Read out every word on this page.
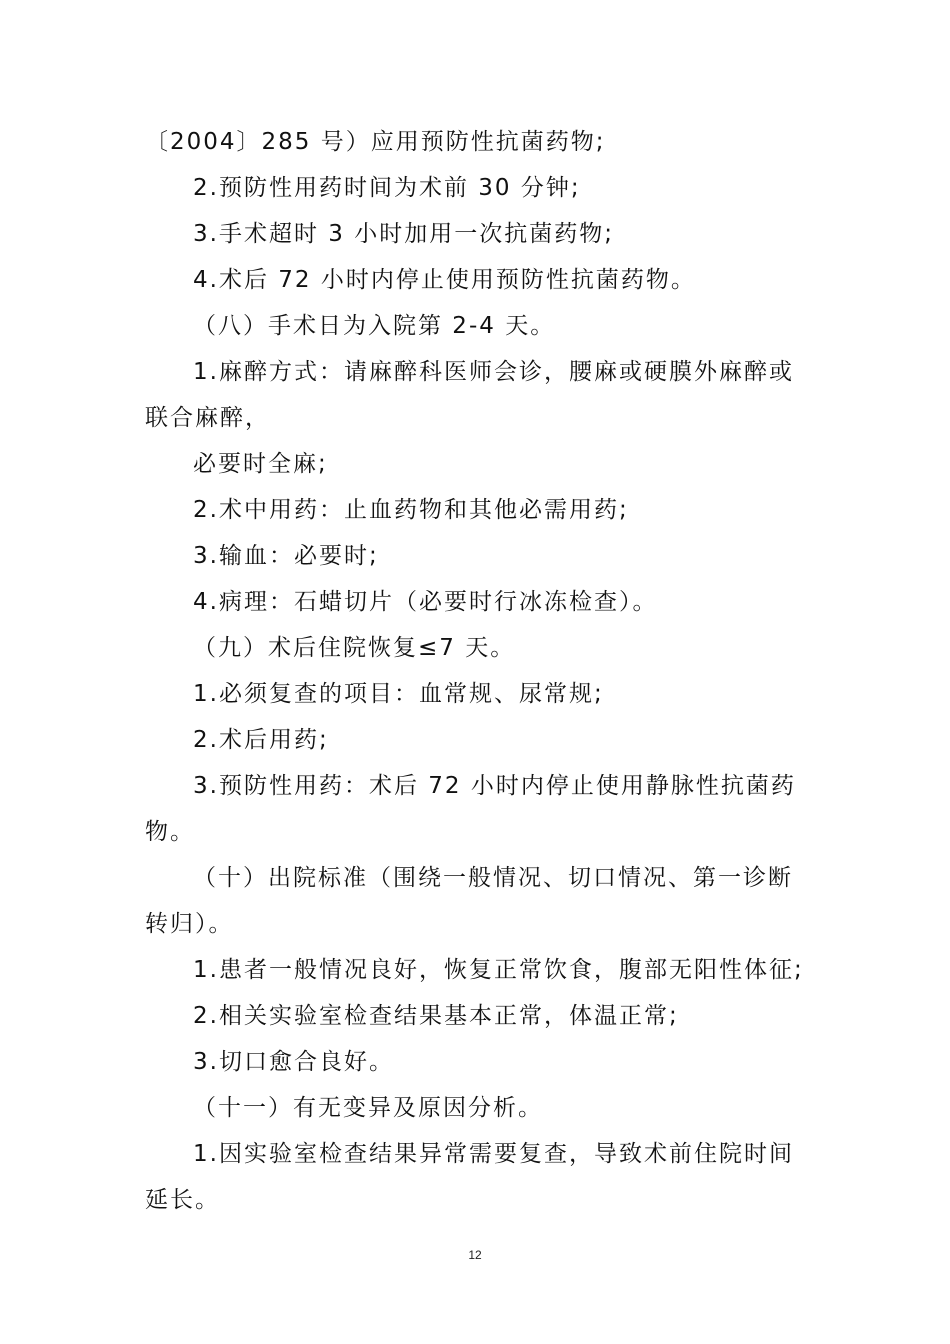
〔2004〕285 号）应用预防性抗菌药物;

2.预防性用药时间为术前 30 分钟;

3.手术超时 3 小时加用一次抗菌药物;

4.术后 72 小时内停止使用预防性抗菌药物。

（八）手术日为入院第 2-4 天。

1.麻醉方式：请麻醉科医师会诊，腰麻或硬膜外麻醉或联合麻醉，

必要时全麻;

2.术中用药：止血药物和其他必需用药;

3.输血：必要时;

4.病理：石蜡切片（必要时行冰冻检查）。

（九）术后住院恢复≤7 天。

1.必须复查的项目：血常规、尿常规;

2.术后用药;

3.预防性用药：术后 72 小时内停止使用静脉性抗菌药物。

（十）出院标准（围绕一般情况、切口情况、第一诊断转归）。

1.患者一般情况良好，恢复正常饮食，腹部无阳性体征;

2.相关实验室检查结果基本正常，体温正常;

3.切口愈合良好。

（十一）有无变异及原因分析。

1.因实验室检查结果异常需要复查，导致术前住院时间延长。

12
